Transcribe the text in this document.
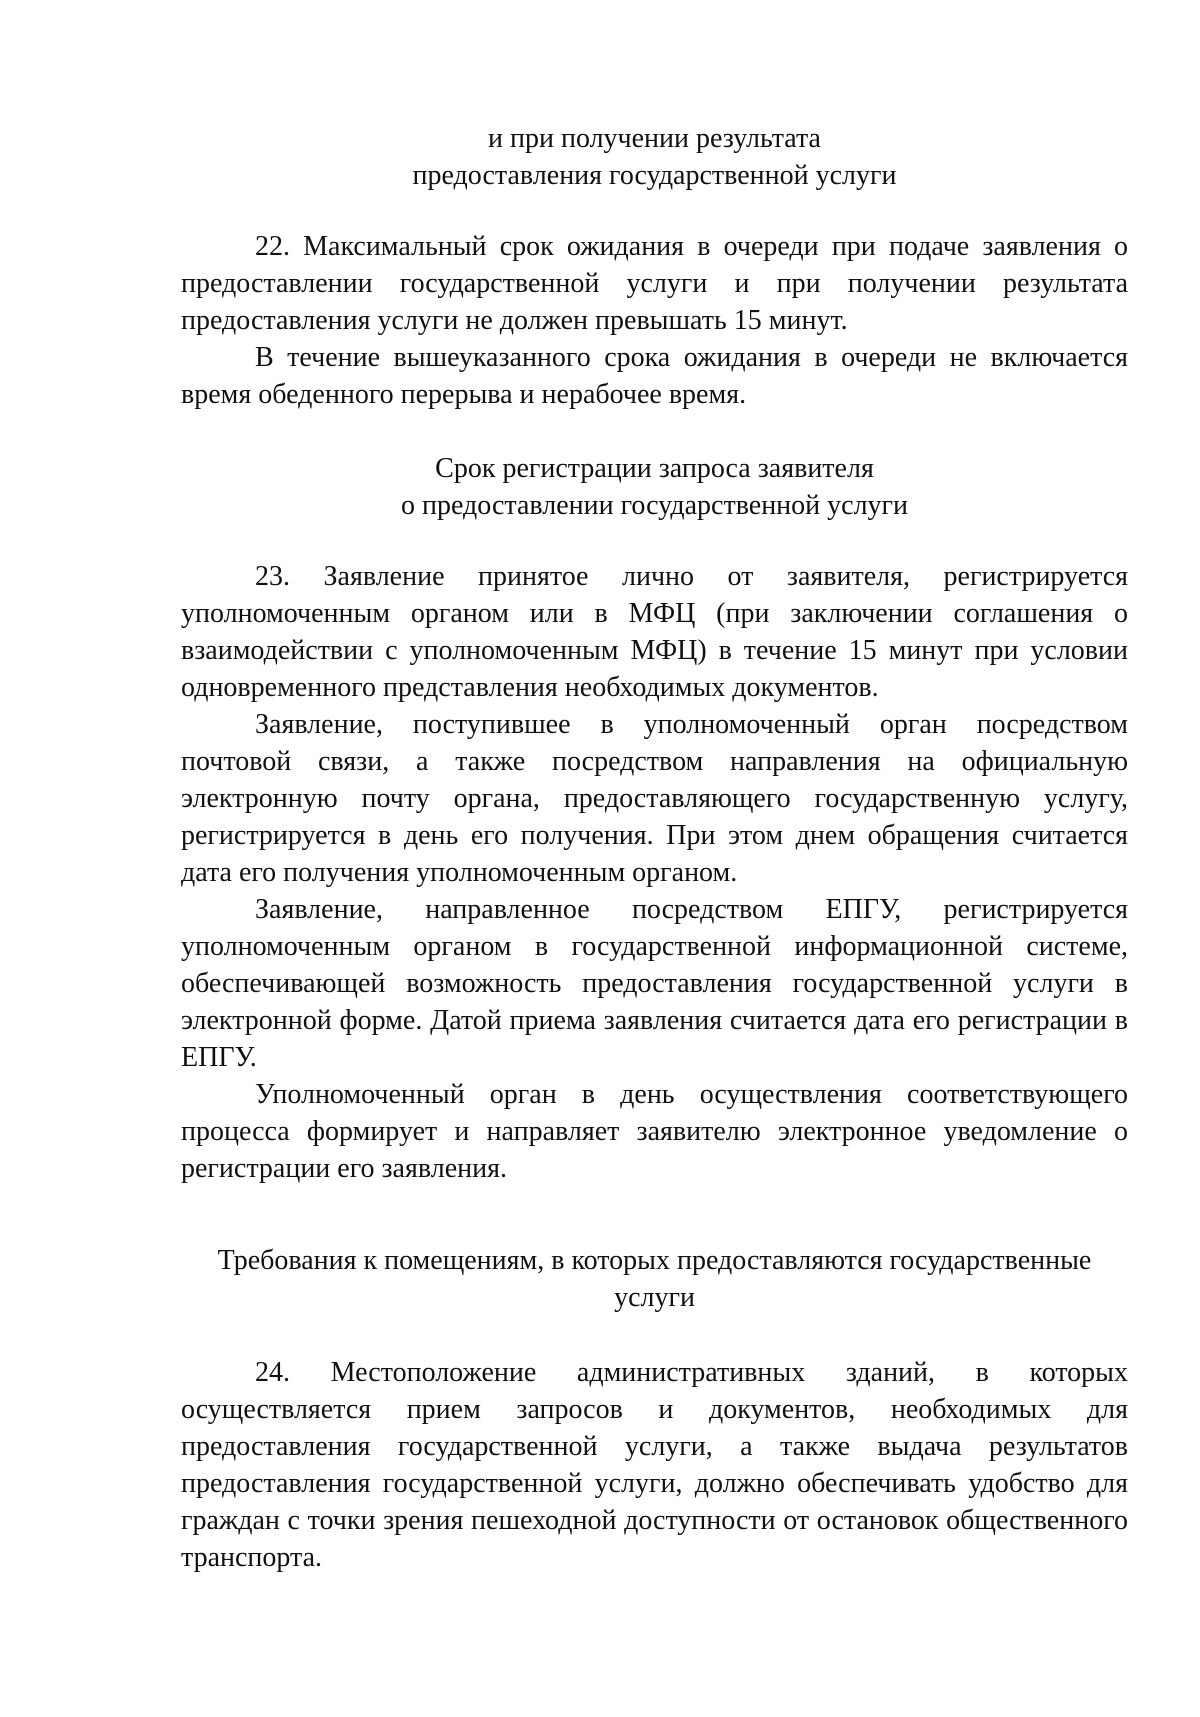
и при получении результата
предоставления государственной услуги

22. Максимальный срок ожидания в очереди при подаче заявления о предоставлении государственной услуги и при получении результата предоставления услуги не должен превышать 15 минут.

В течение вышеуказанного срока ожидания в очереди не включается время обеденного перерыва и нерабочее время.

Срок регистрации запроса заявителя
о предоставлении государственной услуги

23. Заявление принятое лично от заявителя, регистрируется уполномоченным органом или в МФЦ (при заключении соглашения о взаимодействии с уполномоченным МФЦ) в течение 15 минут при условии одновременного представления необходимых документов.

Заявление, поступившее в уполномоченный орган посредством почтовой связи, а также посредством направления на официальную электронную почту органа, предоставляющего государственную услугу, регистрируется в день его получения. При этом днем обращения считается дата его получения уполномоченным органом.

Заявление, направленное посредством ЕПГУ, регистрируется уполномоченным органом в государственной информационной системе, обеспечивающей возможность предоставления государственной услуги в электронной форме. Датой приема заявления считается дата его регистрации в ЕПГУ.

Уполномоченный орган в день осуществления соответствующего процесса формирует и направляет заявителю электронное уведомление о регистрации его заявления.

Требования к помещениям, в которых предоставляются государственные
услуги

24. Местоположение административных зданий, в которых осуществляется прием запросов и документов, необходимых для предоставления государственной услуги, а также выдача результатов предоставления государственной услуги, должно обеспечивать удобство для граждан с точки зрения пешеходной доступности от остановок общественного транспорта.
